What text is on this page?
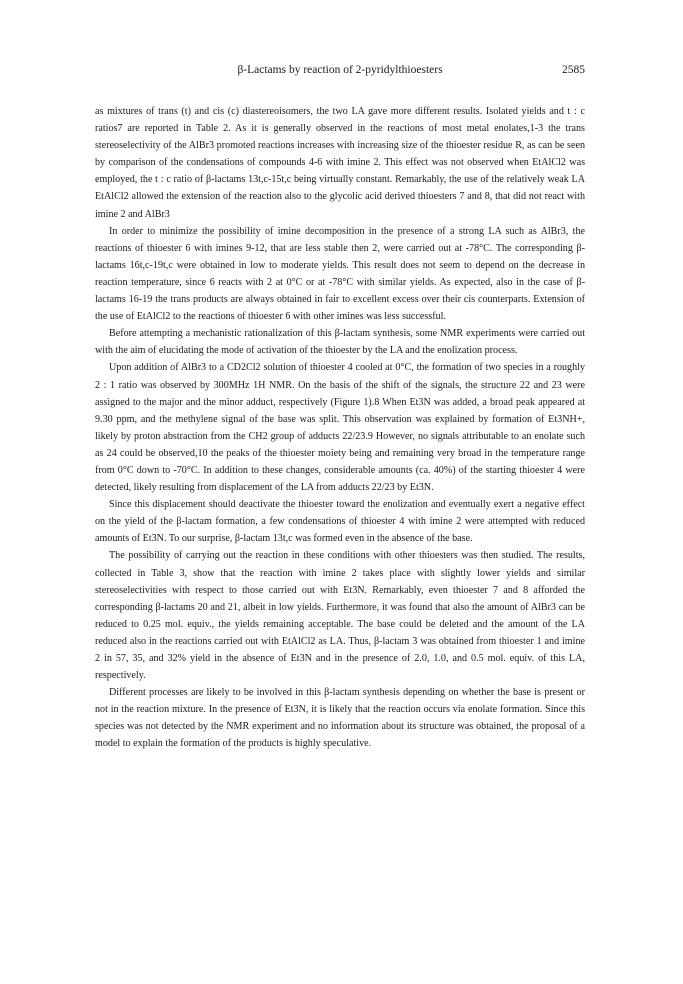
β-Lactams by reaction of 2-pyridylthioesters	2585

as mixtures of trans (t) and cis (c) diastereoisomers, the two LA gave more different results. Isolated yields and t : c ratios7 are reported in Table 2. As it is generally observed in the reactions of most metal enolates,1-3 the trans stereoselectivity of the AlBr3 promoted reactions increases with increasing size of the thioester residue R, as can be seen by comparison of the condensations of compounds 4-6 with imine 2. This effect was not observed when EtAlCl2 was employed, the t : c ratio of β-lactams 13t,c-15t,c being virtually constant. Remarkably, the use of the relatively weak LA EtAlCl2 allowed the extension of the reaction also to the glycolic acid derived thioesters 7 and 8, that did not react with imine 2 and AlBr3

In order to minimize the possibility of imine decomposition in the presence of a strong LA such as AlBr3, the reactions of thioester 6 with imines 9-12, that are less stable then 2, were carried out at -78°C. The corresponding β-lactams 16t,c-19t,c were obtained in low to moderate yields. This result does not seem to depend on the decrease in reaction temperature, since 6 reacts with 2 at 0°C or at -78°C with similar yields. As expected, also in the case of β-lactams 16-19 the trans products are always obtained in fair to excellent excess over their cis counterparts. Extension of the use of EtAlCl2 to the reactions of thioester 6 with other imines was less successful.

Before attempting a mechanistic rationalization of this β-lactam synthesis, some NMR experiments were carried out with the aim of elucidating the mode of activation of the thioester by the LA and the enolization process.

Upon addition of AlBr3 to a CD2Cl2 solution of thioester 4 cooled at 0°C, the formation of two species in a roughly 2 : 1 ratio was observed by 300MHz 1H NMR. On the basis of the shift of the signals, the structure 22 and 23 were assigned to the major and the minor adduct, respectively (Figure 1).8 When Et3N was added, a broad peak appeared at 9.30 ppm, and the methylene signal of the base was split. This observation was explained by formation of Et3NH+, likely by proton abstraction from the CH2 group of adducts 22/23.9 However, no signals attributable to an enolate such as 24 could be observed,10 the peaks of the thioester moiety being and remaining very broad in the temperature range from 0°C down to -70°C. In addition to these changes, considerable amounts (ca. 40%) of the starting thioester 4 were detected, likely resulting from displacement of the LA from adducts 22/23 by Et3N.

Since this displacement should deactivate the thioester toward the enolization and eventually exert a negative effect on the yield of the β-lactam formation, a few condensations of thioester 4 with imine 2 were attempted with reduced amounts of Et3N. To our surprise, β-lactam 13t,c was formed even in the absence of the base.

The possibility of carrying out the reaction in these conditions with other thioesters was then studied. The results, collected in Table 3, show that the reaction with imine 2 takes place with slightly lower yields and similar stereoselectivities with respect to those carried out with Et3N. Remarkably, even thioester 7 and 8 afforded the corresponding β-lactams 20 and 21, albeit in low yields. Furthermore, it was found that also the amount of AlBr3 can be reduced to 0.25 mol. equiv., the yields remaining acceptable. The base could be deleted and the amount of the LA reduced also in the reactions carried out with EtAlCl2 as LA. Thus, β-lactam 3 was obtained from thioester 1 and imine 2 in 57, 35, and 32% yield in the absence of Et3N and in the presence of 2.0, 1.0, and 0.5 mol. equiv. of this LA, respectively.

Different processes are likely to be involved in this β-lactam synthesis depending on whether the base is present or not in the reaction mixture. In the presence of Et3N, it is likely that the reaction occurs via enolate formation. Since this species was not detected by the NMR experiment and no information about its structure was obtained, the proposal of a model to explain the formation of the products is highly speculative.
